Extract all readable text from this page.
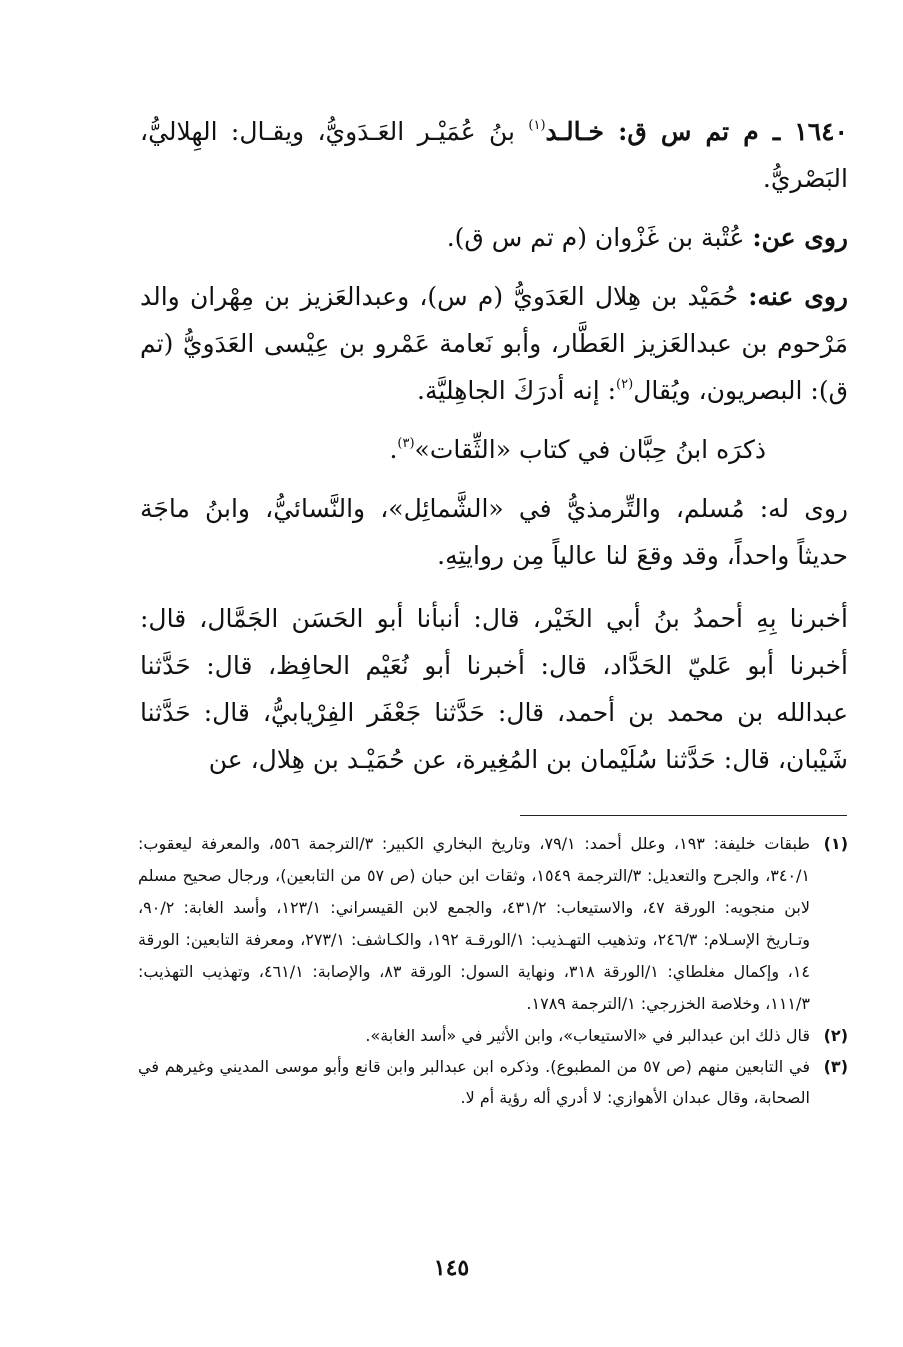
١٦٤٠ ـ م تم س ق: خـالـد$^{(١)}$ بنُ عُمَيْـر العَـدَويُّ، ويقـال: الهِلاليُّ، البَصْريُّ.

روى عن: عُتْبة بن غَزْوان (م تم س ق).

روى عنه: حُمَيْد بن هِلال العَدَويُّ (م س)، وعبدالعَزيز بن مِهْران والد مَرْحوم بن عبدالعَزيز العَطَّار، وأبو نَعامة عَمْرو بن عِيْسى العَدَويُّ (تم ق): البصريون، ويُقال$^{(٢)}$: إنه أدرَكَ الجاهِليَّة.

ذكرَه ابنُ حِبَّان في كتاب «الثِّقات»$^{(٣)}$.

روى له: مُسلم، والتِّرمذيُّ في «الشَّمائِل»، والنَّسائيُّ، وابنُ ماجَة حديثاً واحداً، وقد وقعَ لنا عالياً مِن روايتِهِ.

أخبرنا بِهِ أحمدُ بنُ أبي الخَيْر، قال: أنبأنا أبو الحَسَن الجَمَّال، قال: أخبرنا أبو عَليّ الحَدَّاد، قال: أخبرنا أبو نُعَيْم الحافِظ، قال: حَدَّثنا عبدالله بن محمد بن أحمد، قال: حَدَّثنا جَعْفَر الفِرْيابيُّ، قال: حَدَّثنا شَيْبان، قال: حَدَّثنا سُلَيْمان بن المُغِيرة، عن حُمَيْـد بن هِلال، عن

(١)
طبقات خليفة: ١٩٣، وعلل أحمد: ٧٩/١، وتاريخ البخاري الكبير: ٣/الترجمة ٥٥٦، والمعرفة ليعقوب: ٣٤٠/١، والجرح والتعديل: ٣/الترجمة ١٥٤٩، وثقات ابن حبان (ص ٥٧ من التابعين)، ورجال صحيح مسلم لابن منجويه: الورقة ٤٧، والاستيعاب: ٤٣١/٢، والجمع لابن القيسراني: ١٢٣/١، وأسد الغابة: ٩٠/٢، وتـاريخ الإسـلام: ٢٤٦/٣، وتذهيب التهـذيب: ١/الورقـة ١٩٢، والكـاشف: ٢٧٣/١، ومعرفة التابعين: الورقة ١٤، وإكمال مغلطاي: ١/الورقة ٣١٨، ونهاية السول: الورقة ٨٣، والإصابة: ٤٦١/١، وتهذيب التهذيب: ١١١/٣، وخلاصة الخزرجي: ١/الترجمة ١٧٨٩.
(٢)
قال ذلك ابن عبدالبر في «الاستيعاب»، وابن الأثير في «أسد الغابة».
(٣)
في التابعين منهم (ص ٥٧ من المطبوع). وذكره ابن عبدالبر وابن قانع وأبو موسى المديني وغيرهم في الصحابة، وقال عبدان الأهوازي: لا أدري أله رؤية أم لا.
١٤٥
